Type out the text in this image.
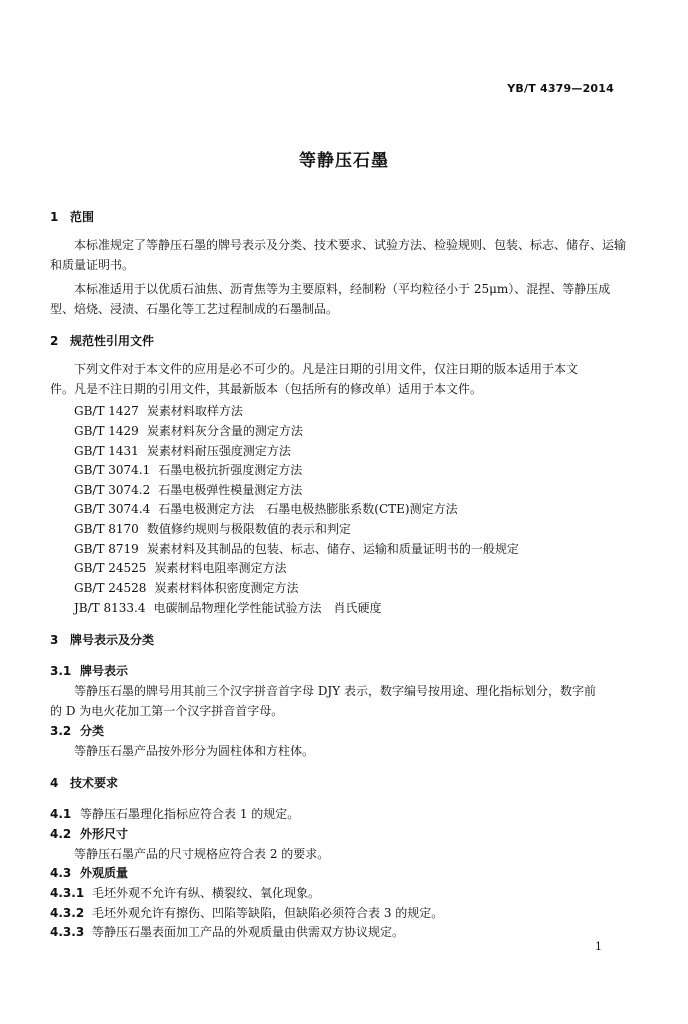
YB/T 4379—2014
等静压石墨
1 范围
本标准规定了等静压石墨的牌号表示及分类、技术要求、试验方法、检验规则、包装、标志、储存、运输
和质量证明书。
本标准适用于以优质石油焦、沥青焦等为主要原料，经制粉（平均粒径小于 25μm）、混捏、等静压成
型、焙烧、浸渍、石墨化等工艺过程制成的石墨制品。
2 规范性引用文件
下列文件对于本文件的应用是必不可少的。凡是注日期的引用文件，仅注日期的版本适用于本文
件。凡是不注日期的引用文件，其最新版本（包括所有的修改单）适用于本文件。
GB/T 1427 炭素材料取样方法
GB/T 1429 炭素材料灰分含量的测定方法
GB/T 1431 炭素材料耐压强度测定方法
GB/T 3074.1 石墨电极抗折强度测定方法
GB/T 3074.2 石墨电极弹性模量测定方法
GB/T 3074.4 石墨电极测定方法　石墨电极热膨胀系数(CTE)测定方法
GB/T 8170 数值修约规则与极限数值的表示和判定
GB/T 8719 炭素材料及其制品的包装、标志、储存、运输和质量证明书的一般规定
GB/T 24525 炭素材料电阻率测定方法
GB/T 24528 炭素材料体积密度测定方法
JB/T 8133.4 电碳制品物理化学性能试验方法　肖氏硬度
3 牌号表示及分类
3.1 牌号表示
等静压石墨的牌号用其前三个汉字拼音首字母 DJY 表示，数字编号按用途、理化指标划分，数字前
的 D 为电火花加工第一个汉字拼音首字母。
3.2 分类
等静压石墨产品按外形分为圆柱体和方柱体。
4 技术要求
4.1 等静压石墨理化指标应符合表 1 的规定。
4.2 外形尺寸
等静压石墨产品的尺寸规格应符合表 2 的要求。
4.3 外观质量
4.3.1 毛坯外观不允许有纵、横裂纹、氧化现象。
4.3.2 毛坯外观允许有擦伤、凹陷等缺陷，但缺陷必须符合表 3 的规定。
4.3.3 等静压石墨表面加工产品的外观质量由供需双方协议规定。
1
